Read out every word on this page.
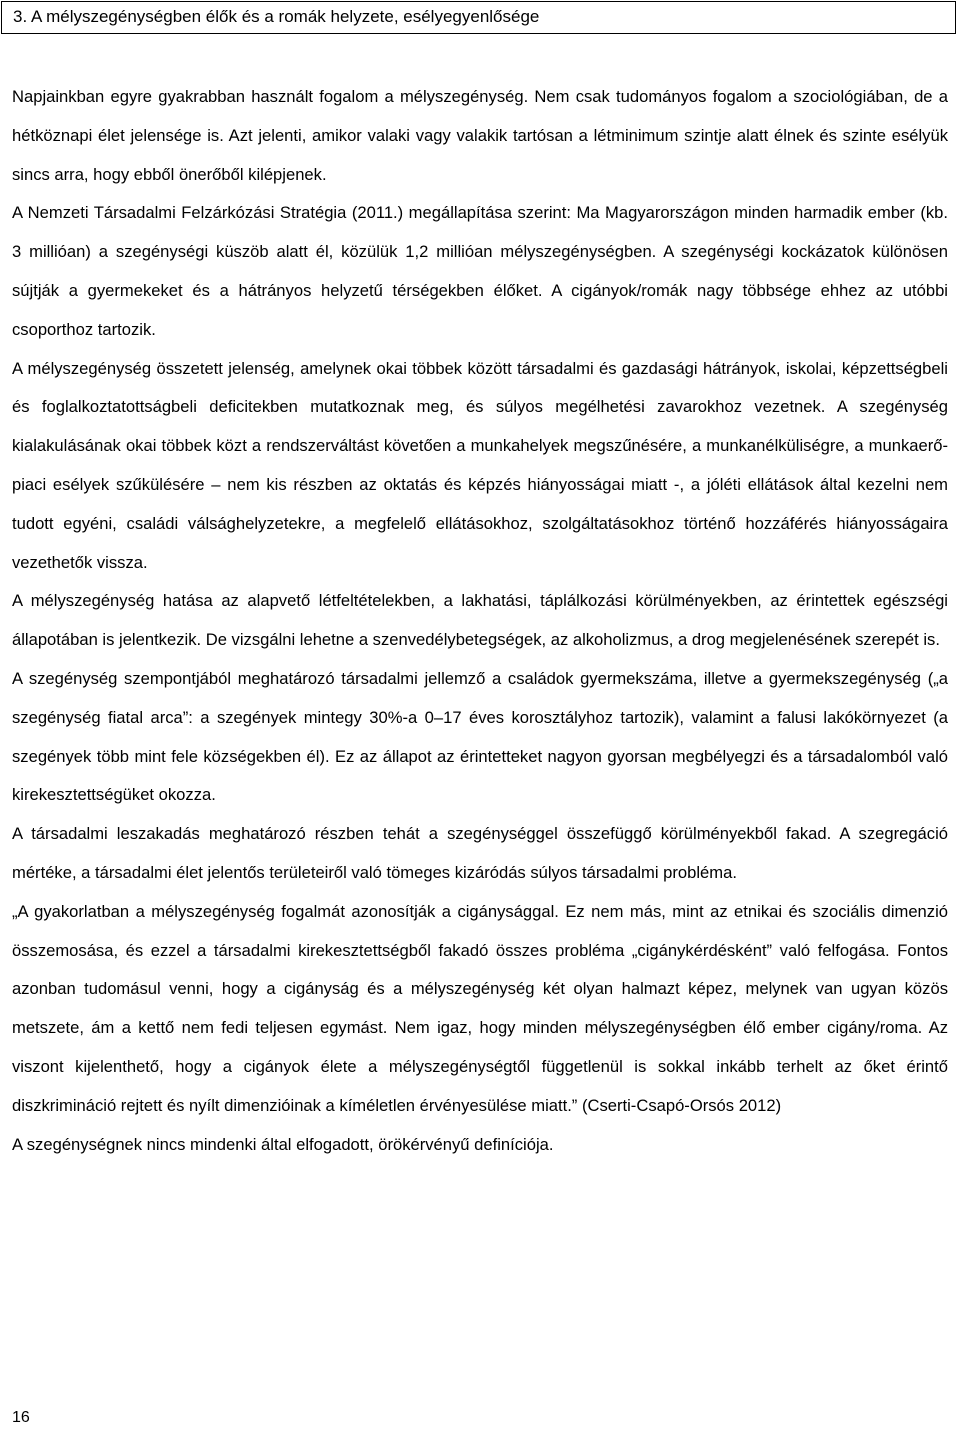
3. A mélyszegénységben élők és a romák helyzete, esélyegyenlősége

Napjainkban egyre gyakrabban használt fogalom a mélyszegénység. Nem csak tudományos fogalom a szociológiában, de a hétköznapi élet jelensége is. Azt jelenti, amikor valaki vagy valakik tartósan a létminimum szintje alatt élnek és szinte esélyük sincs arra, hogy ebből önerőből kilépjenek.

A Nemzeti Társadalmi Felzárkózási Stratégia (2011.) megállapítása szerint: Ma Magyarországon minden harmadik ember (kb. 3 millióan) a szegénységi küszöb alatt él, közülük 1,2 millióan mélyszegénységben. A szegénységi kockázatok különösen sújtják a gyermekeket és a hátrányos helyzetű térségekben élőket. A cigányok/romák nagy többsége ehhez az utóbbi csoporthoz tartozik.

A mélyszegénység összetett jelenség, amelynek okai többek között társadalmi és gazdasági hátrányok, iskolai, képzettségbeli és foglalkoztatottságbeli deficitekben mutatkoznak meg, és súlyos megélhetési zavarokhoz vezetnek. A szegénység kialakulásának okai többek közt a rendszerváltást követően a munkahelyek megszűnésére, a munkanélküliségre, a munkaerő-piaci esélyek szűkülésére – nem kis részben az oktatás és képzés hiányosságai miatt -, a jóléti ellátások által kezelni nem tudott egyéni, családi válsághelyzetekre, a megfelelő ellátásokhoz, szolgáltatásokhoz történő hozzáférés hiányosságaira vezethetők vissza.

A mélyszegénység hatása az alapvető létfeltételekben, a lakhatási, táplálkozási körülményekben, az érintettek egészségi állapotában is jelentkezik. De vizsgálni lehetne a szenvedélybetegségek, az alkoholizmus, a drog megjelenésének szerepét is.

A szegénység szempontjából meghatározó társadalmi jellemző a családok gyermekszáma, illetve a gyermekszegénység („a szegénység fiatal arca”: a szegények mintegy 30%-a 0–17 éves korosztályhoz tartozik), valamint a falusi lakókörnyezet (a szegények több mint fele községekben él). Ez az állapot az érintetteket nagyon gyorsan megbélyegzi és a társadalomból való kirekesztettségüket okozza.

A társadalmi leszakadás meghatározó részben tehát a szegénységgel összefüggő körülményekből fakad. A szegregáció mértéke, a társadalmi élet jelentős területeiről való tömeges kizáródás súlyos társadalmi probléma.

„A gyakorlatban a mélyszegénység fogalmát azonosítják a cigánysággal. Ez nem más, mint az etnikai és szociális dimenzió összemosása, és ezzel a társadalmi kirekesztettségből fakadó összes probléma „cigánykérdésként” való felfogása. Fontos azonban tudomásul venni, hogy a cigányság és a mélyszegénység két olyan halmazt képez, melynek van ugyan közös metszete, ám a kettő nem fedi teljesen egymást. Nem igaz, hogy minden mélyszegénységben élő ember cigány/roma. Az viszont kijelenthető, hogy a cigányok élete a mélyszegénységtől függetlenül is sokkal inkább terhelt az őket érintő diszkrimináció rejtett és nyílt dimenzióinak a kíméletlen érvényesülése miatt.” (Cserti-Csapó-Orsós 2012)

A szegénységnek nincs mindenki által elfogadott, örökérvényű definíciója.

16
